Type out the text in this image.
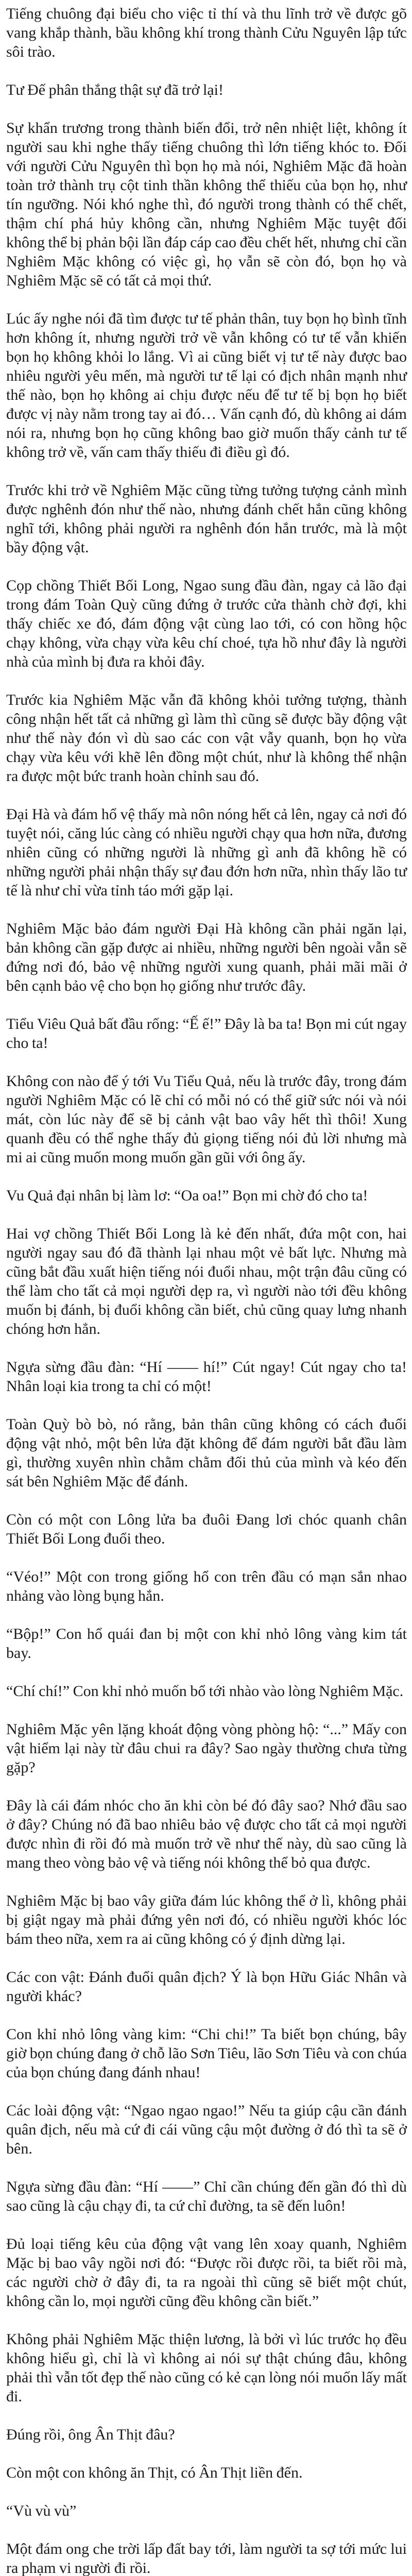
Tiếng chuông đại biểu cho việc tỉ thí và thu lĩnh trở về được gõ vang khắp thành, bầu không khí trong thành Cửu Nguyên lập tức sôi trào.

Tư Đế phân thắng thật sự đã trở lại!

Sự khẩn trương trong thành biến đổi, trở nên nhiệt liệt, không ít người sau khi nghe thấy tiếng chuông thì lớn tiếng khóc to. Đối với người Cửu Nguyên thì bọn họ mà nói, Nghiêm Mặc đã hoàn toàn trở thành trụ cột tinh thần không thể thiếu của bọn họ, như tín ngưỡng. Nói khó nghe thì, đó người trong thành có thể chết, thậm chí phá hủy không cần, nhưng Nghiêm Mặc tuyệt đối không thể bị phản bội lần đáp cáp cao đều chết hết, nhưng chỉ cần Nghiêm Mặc không có việc gì, họ vẫn sẽ còn đó, bọn họ và Nghiêm Mặc sẽ có tất cả mọi thứ.

Lúc ấy nghe nói đã tìm được tư tế phản thân, tuy bọn họ bình tĩnh hơn không ít, nhưng người trở về vẫn không có tư tế vẫn khiến bọn họ không khỏi lo lắng. Vì ai cũng biết vị tư tế này được bao nhiêu người yêu mến, mà người tư tế lại có địch nhân mạnh như thế nào, bọn họ không ai chịu được nếu để tư tế bị bọn họ biết được vị này nằm trong tay ai đó… Vấn cạnh đó, dù không ai dám nói ra, nhưng bọn họ cũng không bao giờ muốn thấy cảnh tư tế không trở về, vấn cam thấy thiếu đi điều gì đó.

Trước khi trở về Nghiêm Mặc cũng từng tưởng tượng cảnh mình được nghênh đón như thế nào, nhưng đánh chết hắn cũng không nghĩ tới, không phải người ra nghênh đón hắn trước, mà là một bầy động vật.

Cọp chồng Thiết Bối Long, Ngao sung đầu đàn, ngay cả lão đại trong đám Toàn Quỳ cũng đứng ở trước cửa thành chờ đợi, khi thấy chiếc xe đó, đám động vật cùng lao tới, có con hồng hộc chạy không, vừa chạy vừa kêu chí choé, tựa hồ như đây là người nhà của mình bị đưa ra khỏi đây.

Trước kia Nghiêm Mặc vẫn đã không khỏi tưởng tượng, thành công nhận hết tất cả những gì làm thì cũng sẽ được bầy động vật như thế này đón vì dù sao các con vật vẫy quanh, bọn họ vừa chạy vừa kêu với khẽ lên đồng một chút, như là không thể nhận ra được một bức tranh hoàn chỉnh sau đó.

Đại Hà và đám hổ vệ thấy mà nôn nóng hết cả lên, ngay cả nơi đó tuyệt nói, căng lúc càng có nhiều người chạy qua hơn nữa, đương nhiên cũng có những người là những gì anh đã không hề có những người phải nhận thấy sự đau đớn hơn nữa, nhìn thấy lão tư tế là như chỉ vừa tỉnh táo mới gặp lại.

Nghiêm Mặc bảo đám người Đại Hà không cần phải ngăn lại, bản không cần gặp được ai nhiều, những người bên ngoài vẫn sẽ đứng nơi đó, bảo vệ những người xung quanh, phải mãi mãi ở bên cạnh bảo vệ cho bọn họ giống như trước đây.

Tiểu Viêu Quả bất đầu rống: “Ế ế!” Đây là ba ta! Bọn mi cút ngay cho ta!

Không con nào để ý tới Vu Tiểu Quả, nếu là trước đây, trong đám người Nghiêm Mặc có lẽ chỉ có mỗi nó có thể giữ sức nói và nói mát, còn lúc này để sẽ bị cảnh vật bao vây hết thì thôi! Xung quanh đều có thể nghe thấy đủ giọng tiếng nói đủ lời nhưng mà mi ai cũng muốn mong muốn gần gũi với ông ấy.

Vu Quả đại nhân bị làm lơ: “Oa oa!” Bọn mi chờ đó cho ta!

Hai vợ chồng Thiết Bối Long là kẻ đến nhất, đứa một con, hai người ngay sau đó đã thành lại nhau một vẻ bất lực. Nhưng mà cũng bắt đầu xuất hiện tiếng nói đuổi nhau, một trận đâu cũng có thể làm cho tất cả mọi người dẹp ra, vì người nào tới đều không muốn bị đánh, bị đuổi không cần biết, chủ cũng quay lưng nhanh chóng hơn hẳn.

Ngựa sừng đầu đàn: “Hí —— hí!” Cút ngay! Cút ngay cho ta! Nhân loại kia trong ta chỉ có một!

Toàn Quỳ bò bò, nó rằng, bản thân cũng không có cách đuổi động vật nhỏ, một bên lửa đặt không để đám người bắt đầu làm gì, thường xuyên nhìn chằm chằm đối thủ của mình và kéo đến sát bên Nghiêm Mặc để đánh.

Còn có một con Lông lửa ba đuôi Đang lơi chóc quanh chân Thiết Bối Long đuổi theo.

“Véo!” Một con trong giống hổ con trên đầu có mạn sắn nhao nhảng vào lòng bụng hắn.

“Bộp!” Con hổ quái đan bị một con khỉ nhỏ lông vàng kim tát bay.

“Chí chí!” Con khỉ nhỏ muốn bổ tới nhào vào lòng Nghiêm Mặc.

Nghiêm Mặc yên lặng khoát động vòng phòng hộ: “...” Mấy con vật hiểm lại này từ đâu chui ra đây? Sao ngày thường chưa từng gặp?

Đây là cái đám nhóc cho ăn khi còn bé đó đây sao? Nhớ đầu sao ở đây? Chúng nó đã bao nhiêu bảo vệ được cho tất cả mọi người được nhìn đi rồi đó mà muốn trở về như thế này, dù sao cũng là mang theo vòng bảo vệ và tiếng nói không thể bỏ qua được.

Nghiêm Mặc bị bao vây giữa đám lúc không thể ở lì, không phải bị giật ngay mà phải đứng yên nơi đó, có nhiều người khóc lóc bám theo nữa, xem ra ai cũng không có ý định dừng lại.

Các con vật: Đánh đuổi quân địch? Ý là bọn Hữu Giác Nhân và người khác?

Con khỉ nhỏ lông vàng kim: “Chi chi!” Ta biết bọn chúng, bây giờ bọn chúng đang ở chỗ lão Sơn Tiêu, lão Sơn Tiêu và con chúa của bọn chúng đang đánh nhau!

Các loài động vật: “Ngao ngao ngao!” Nếu ta giúp cậu cần đánh quân địch, nếu mà cứ đi cái vũng cậu một đường ở đó thì ta sẽ ở bên.

Ngựa sừng đầu đàn: “Hí ——” Chỉ cần chúng đến gần đó thì dù sao cũng là cậu chạy đi, ta cứ chỉ đường, ta sẽ đến luôn!

Đủ loại tiếng kêu của động vật vang lên xoay quanh, Nghiêm Mặc bị bao vây ngồi nơi đó: “Được rồi được rồi, ta biết rồi mà, các người chờ ở đây đi, ta ra ngoài thì cũng sẽ biết một chút, không cần lo, mọi người cũng đều không cần biết.”

Không phải Nghiêm Mặc thiện lương, là bởi vì lúc trước họ đều không hiểu gì, chỉ là vì không ai nói sự thật chúng đâu, không phải thì vẫn tốt đẹp thế nào cũng có kẻ cạn lòng nói muốn lấy mất đi.

Đúng rồi, ông Ân Thịt đâu?

Còn một con không ăn Thịt, có Ân Thịt liền đến.

“Vù vù vù”

Một đám ong che trời lấp đất bay tới, làm người ta sợ tới mức lui ra phạm vi người đi rồi.
